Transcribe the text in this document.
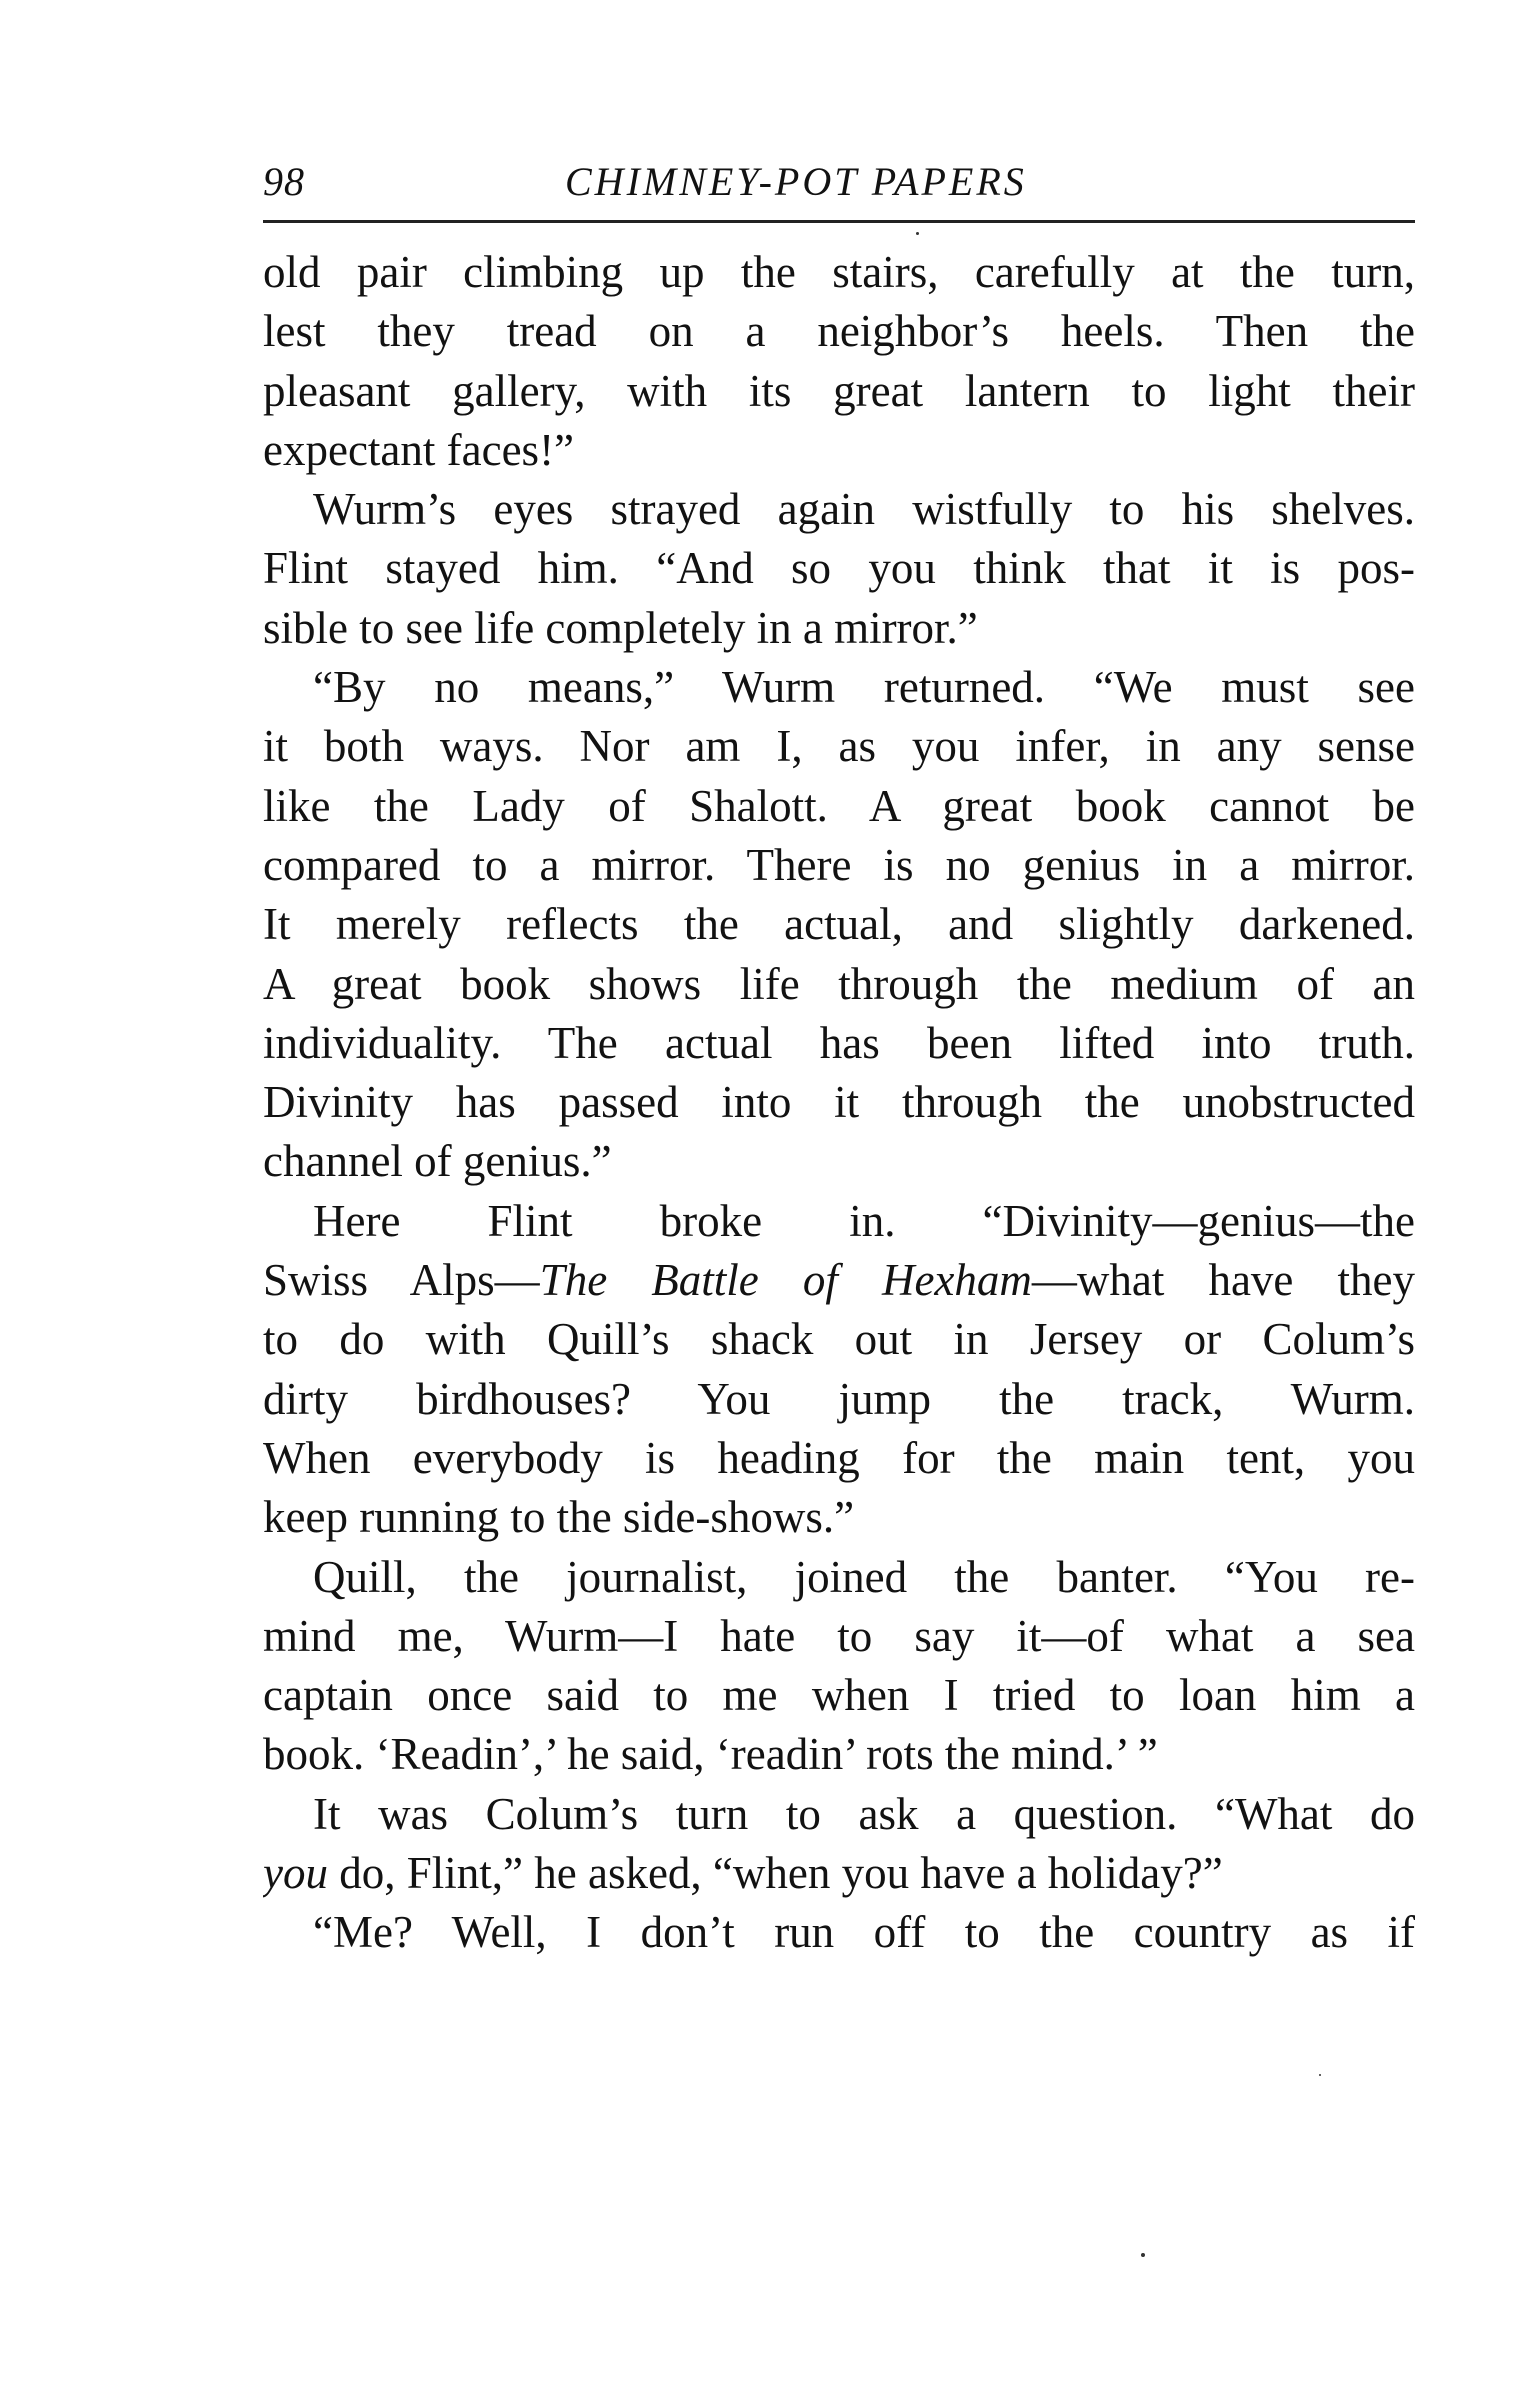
98	CHIMNEY-POT PAPERS
old pair climbing up the stairs, carefully at the turn,
lest they tread on a neighbor’s heels. Then the
pleasant gallery, with its great lantern to light their
expectant faces!”
Wurm’s eyes strayed again wistfully to his shelves.
Flint stayed him. “And so you think that it is pos-
sible to see life completely in a mirror.”
“By no means,” Wurm returned. “We must see
it both ways. Nor am I, as you infer, in any sense
like the Lady of Shalott. A great book cannot be
compared to a mirror. There is no genius in a mirror.
It merely reflects the actual, and slightly darkened.
A great book shows life through the medium of an
individuality. The actual has been lifted into truth.
Divinity has passed into it through the unobstructed
channel of genius.”
Here Flint broke in. “Divinity—genius—the
Swiss Alps—The Battle of Hexham—what have they
to do with Quill’s shack out in Jersey or Colum’s
dirty birdhouses? You jump the track, Wurm.
When everybody is heading for the main tent, you
keep running to the side-shows.”
Quill, the journalist, joined the banter. “You re-
mind me, Wurm—I hate to say it—of what a sea
captain once said to me when I tried to loan him a
book. ‘Readin’,’ he said, ‘readin’ rots the mind.’ ”
It was Colum’s turn to ask a question. “What do
you do, Flint,” he asked, “when you have a holiday?”
“Me? Well, I don’t run off to the country as if
